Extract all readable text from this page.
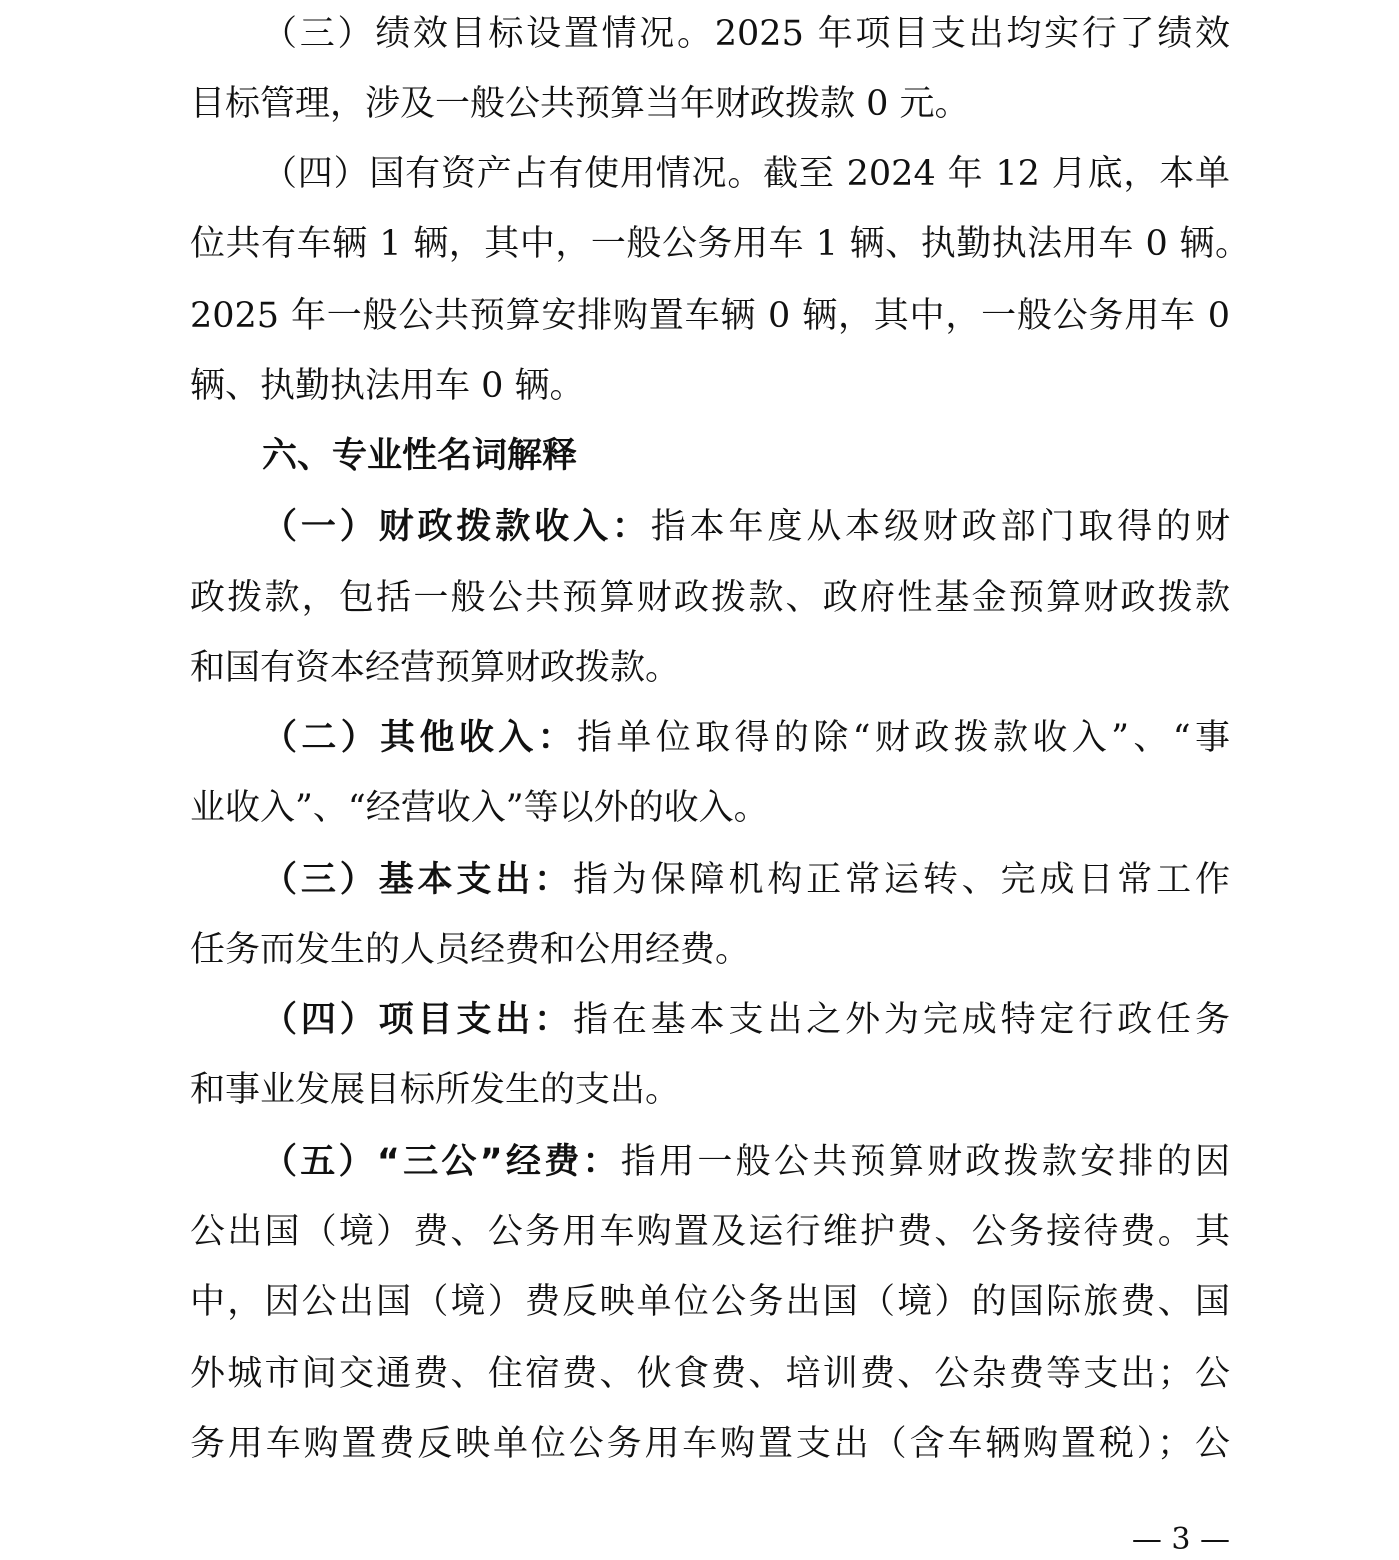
（三）绩效目标设置情况。2025 年项目支出均实行了绩效
目标管理，涉及一般公共预算当年财政拨款 0 元。
（四）国有资产占有使用情况。截至 2024 年 12 月底，本单
位共有车辆 1 辆，其中，一般公务用车 1 辆、执勤执法用车 0 辆。
2025 年一般公共预算安排购置车辆 0 辆，其中，一般公务用车 0
辆、执勤执法用车 0 辆。
六、专业性名词解释
（一）财政拨款收入：指本年度从本级财政部门取得的财
政拨款，包括一般公共预算财政拨款、政府性基金预算财政拨款
和国有资本经营预算财政拨款。
（二）其他收入：指单位取得的除“财政拨款收入”、“事
业收入”、“经营收入”等以外的收入。
（三）基本支出：指为保障机构正常运转、完成日常工作
任务而发生的人员经费和公用经费。
（四）项目支出：指在基本支出之外为完成特定行政任务
和事业发展目标所发生的支出。
（五）“三公”经费：指用一般公共预算财政拨款安排的因
公出国（境）费、公务用车购置及运行维护费、公务接待费。其
中，因公出国（境）费反映单位公务出国（境）的国际旅费、国
外城市间交通费、住宿费、伙食费、培训费、公杂费等支出；公
务用车购置费反映单位公务用车购置支出（含车辆购置税）；公
— 3 —
